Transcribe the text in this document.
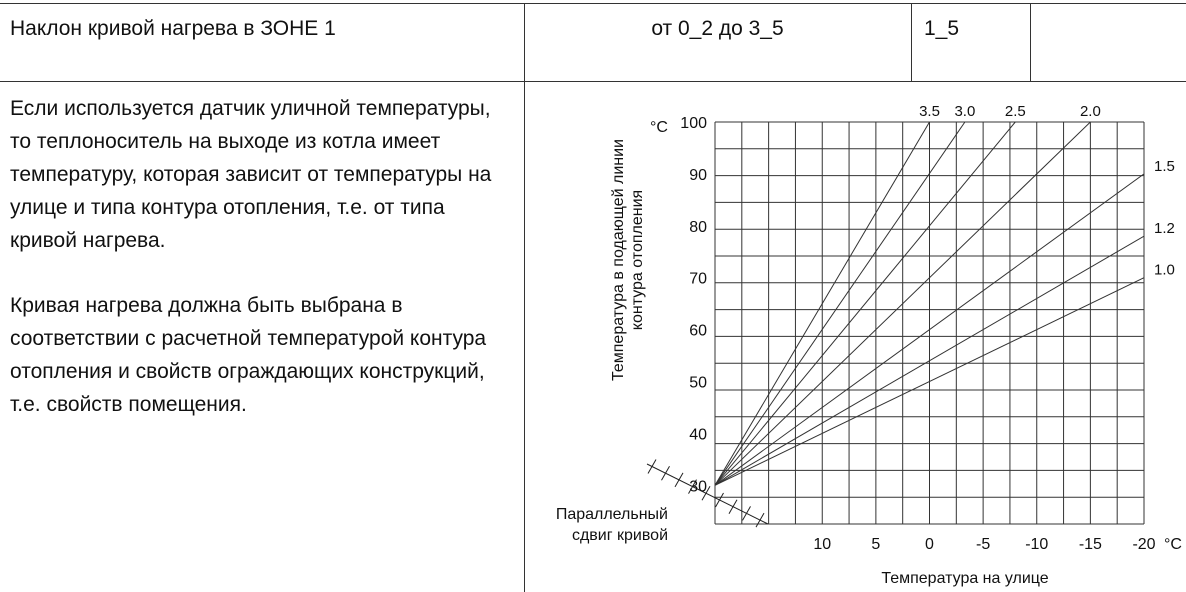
Наклон кривой нагрева в ЗОНЕ 1	от 0_2 до 3_5	1_5

Если используется датчик уличной температуры, то теплоноситель на выходе из котла имеет температуру, которая зависит от температуры на улице и типа контура отопления, т.е. от типа кривой нагрева.

Кривая нагрева должна быть выбрана в соответствии с расчетной температурой контура отопления и свойств ограждающих конструкций, т.е. свойств помещения.

3.5 3.0 2.5	2.0
1.5
1.2
1.0
30
40
50
60
70
80
90
100
10	5	0	-5 -10 -15 -20
°C
°C
Температура на улице
Температура в подающей линии контура отопления
Параллельный
сдвиг кривой
